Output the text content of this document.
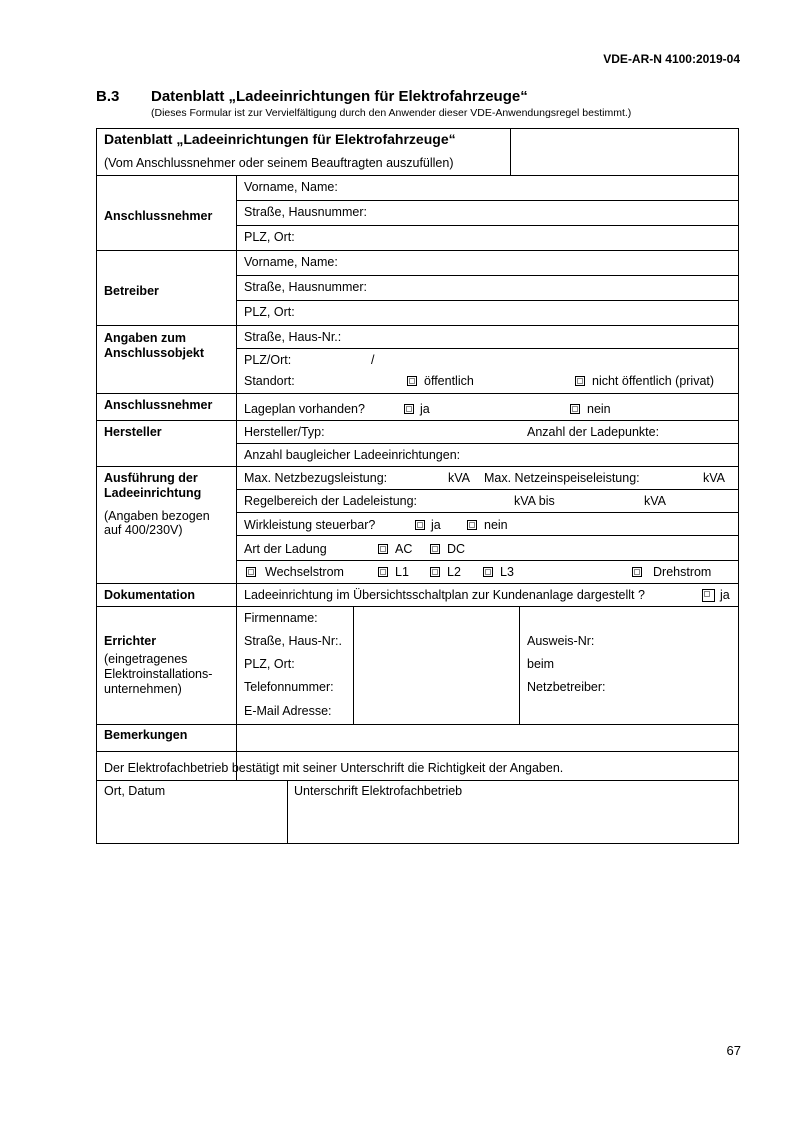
VDE-AR-N 4100:2019-04
B.3 Datenblatt „Ladeeinrichtungen für Elektrofahrzeuge“
(Dieses Formular ist zur Vervielfältigung durch den Anwender dieser VDE-Anwendungsregel bestimmt.)
Datenblatt „Ladeeinrichtungen für Elektrofahrzeuge“
(Vom Anschlussnehmer oder seinem Beauftragten auszufüllen)
Anschlussnehmer
Vorname, Name:
Straße, Hausnummer:
PLZ, Ort:
Betreiber
Vorname, Name:
Straße, Hausnummer:
PLZ, Ort:
Angaben zum
Anschlussobjekt
Straße, Haus-Nr.:
PLZ/Ort:	/
Standort:	öffentlich	nicht öffentlich (privat)
Anschlussnehmer	Lageplan vorhanden?	ja	nein
Hersteller	Hersteller/Typ:	Anzahl der Ladepunkte:
Anzahl baugleicher Ladeeinrichtungen:
Ausführung der
Ladeeinrichtung
(Angaben bezogen
auf 400/230V)
Max. Netzbezugsleistung:	kVA Max. Netzeinspeiseleistung:	kVA
Regelbereich der Ladeleistung:	kVA bis	kVA
Wirkleistung steuerbar?	ja	nein
Art der Ladung	AC	DC
Wechselstrom	L1	L2	L3	Drehstrom
Dokumentation	Ladeeinrichtung im Übersichtsschaltplan zur Kundenanlage dargestellt ?	ja
Errichter
(eingetragenes
Elektroinstallations-
unternehmen)
Firmenname:
Straße, Haus-Nr:.
PLZ, Ort:
Telefonnummer:
E-Mail Adresse:
Ausweis-Nr:
beim
Netzbetreiber:
Bemerkungen
Der Elektrofachbetrieb bestätigt mit seiner Unterschrift die Richtigkeit der Angaben.
Ort, Datum	Unterschrift Elektrofachbetrieb
67
